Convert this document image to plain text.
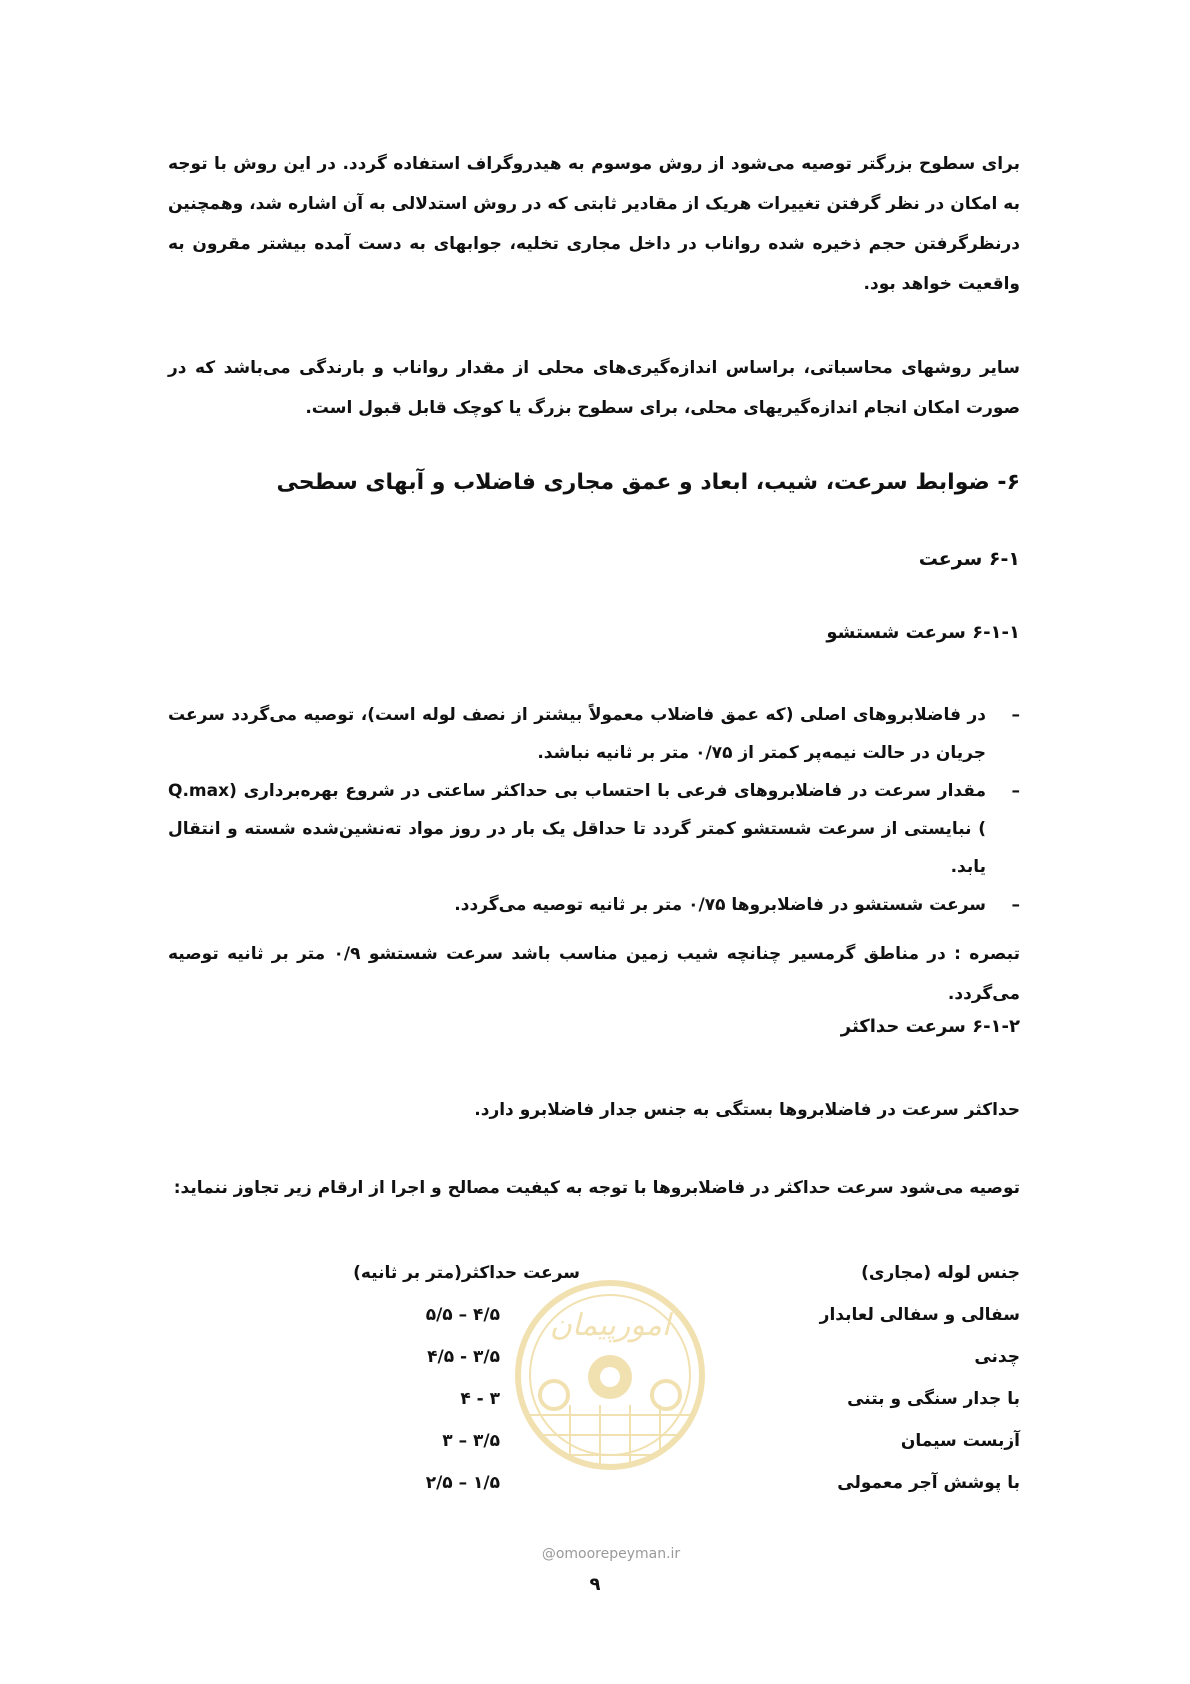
برای سطوح بزرگتر توصیه می‌شود از روش موسوم به هیدروگراف استفاده گردد. در این روش با توجه به امکان در نظر گرفتن تغییرات هریک از مقادیر ثابتی که در روش استدلالی به آن اشاره شد، وهمچنین درنظرگرفتن حجم ذخیره شده رواناب در داخل مجاری تخلیه، جوابهای به دست آمده بیشتر مقرون به واقعیت خواهد بود.

سایر روشهای محاسباتی، براساس اندازه‌گیری‌های محلی از مقدار رواناب و بارندگی می‌باشد که در صورت امکان انجام اندازه‌گیریهای محلی، برای سطوح بزرگ یا کوچک قابل قبول است.

۶- ضوابط سرعت، شیب، ابعاد و عمق مجاری فاضلاب و آبهای سطحی
۶-۱ سرعت
۶-۱-۱ سرعت شستشو
–
در فاضلابروهای اصلی (که عمق فاضلاب معمولاً بیشتر از نصف لوله است)، توصیه می‌گردد سرعت جریان در حالت نیمه‌پر کمتر از ۰/۷۵ متر بر ثانیه نباشد.
–
مقدار سرعت در فاضلابروهای فرعی با احتساب بی حداکثر ساعتی در شروع بهره‌برداری (Q.max ) نبایستی از سرعت شستشو کمتر گردد تا حداقل یک بار در روز مواد ته‌نشین‌شده شسته و انتقال یابد.
–
سرعت شستشو در فاضلابروها ۰/۷۵ متر بر ثانیه توصیه می‌گردد.

تبصره : در مناطق گرمسیر چنانچه شیب زمین مناسب باشد سرعت شستشو ۰/۹ متر بر ثانیه توصیه می‌گردد.

۶-۱-۲ سرعت حداکثر

حداکثر سرعت در فاضلابروها بستگی به جنس جدار فاضلابرو دارد.

توصیه می‌شود سرعت حداکثر در فاضلابروها با توجه به کیفیت مصالح و اجرا از ارقام زیر تجاوز ننماید:

جنس لوله (مجاری)
سفالی و سفالی لعابدار
چدنی
با جدار سنگی و بتنی
آزبست سیمان
با پوشش آجر معمولی
سرعت حداکثر(متر بر ثانیه)
۴/۵ – ۵/۵
۳/۵ - ۴/۵
۳ - ۴
۳/۵ – ۳
۱/۵ – ۲/۵
امورپیمان
@omoorepeyman.ir
۹
